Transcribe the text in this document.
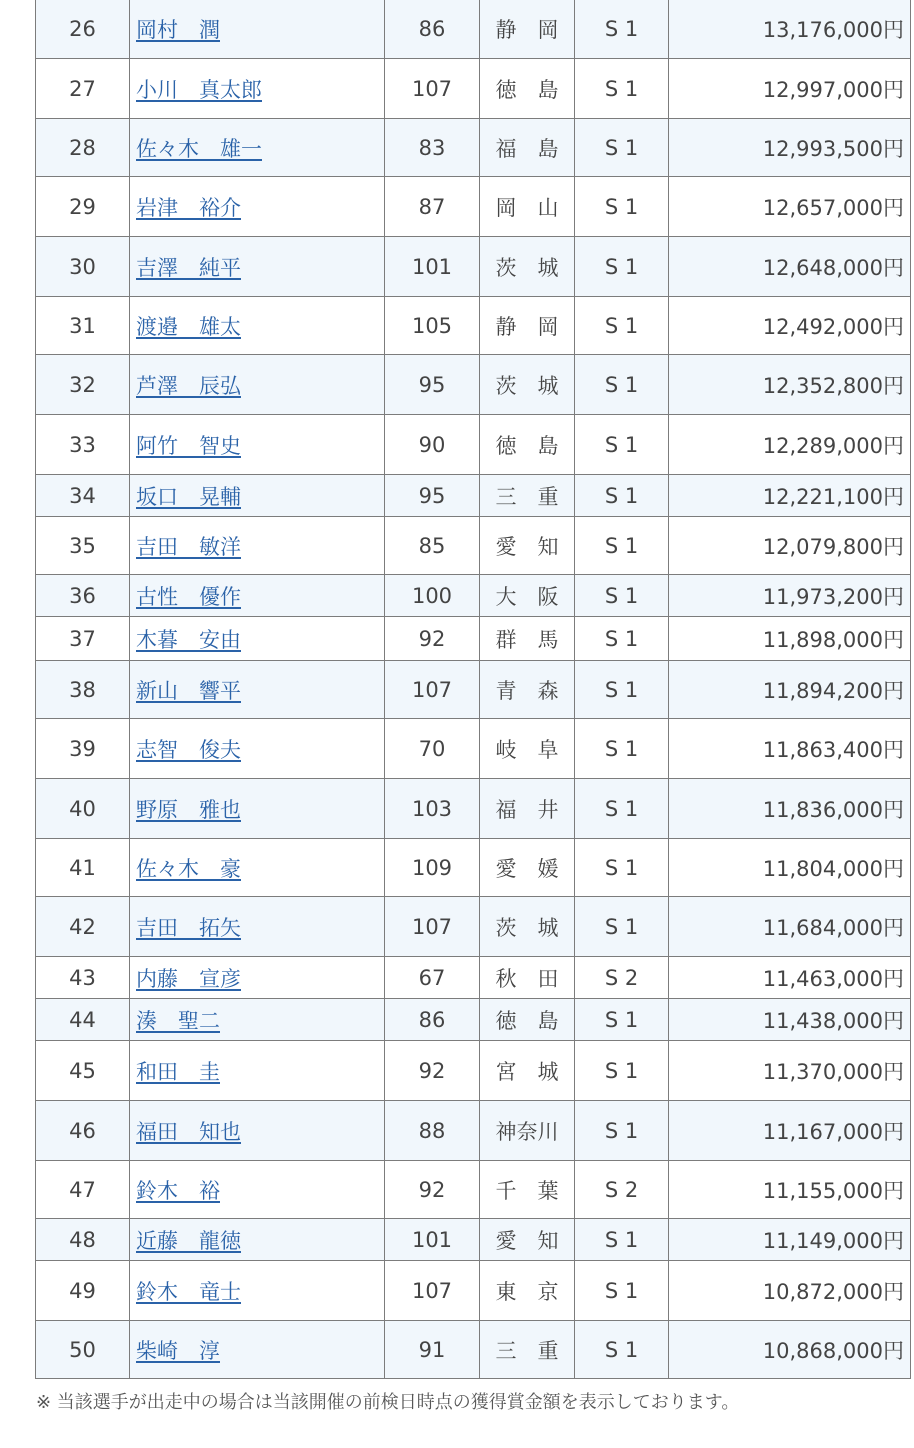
26	岡村　潤	86	静　岡	S 1	13,176,000円
27	小川　真太郎	107	徳　島	S 1	12,997,000円
28	佐々木　雄一	83	福　島	S 1	12,993,500円
29	岩津　裕介	87	岡　山	S 1	12,657,000円
30	吉澤　純平	101	茨　城	S 1	12,648,000円
31	渡邉　雄太	105	静　岡	S 1	12,492,000円
32	芦澤　辰弘	95	茨　城	S 1	12,352,800円
33	阿竹　智史	90	徳　島	S 1	12,289,000円
34	坂口　晃輔	95	三　重	S 1	12,221,100円
35	吉田　敏洋	85	愛　知	S 1	12,079,800円
36	古性　優作	100	大　阪	S 1	11,973,200円
37	木暮　安由	92	群　馬	S 1	11,898,000円
38	新山　響平	107	青　森	S 1	11,894,200円
39	志智　俊夫	70	岐　阜	S 1	11,863,400円
40	野原　雅也	103	福　井	S 1	11,836,000円
41	佐々木　豪	109	愛　媛	S 1	11,804,000円
42	吉田　拓矢	107	茨　城	S 1	11,684,000円
43	内藤　宣彦	67	秋　田	S 2	11,463,000円
44	湊　聖二	86	徳　島	S 1	11,438,000円
45	和田　圭	92	宮　城	S 1	11,370,000円
46	福田　知也	88	神奈川	S 1	11,167,000円
47	鈴木　裕	92	千　葉	S 2	11,155,000円
48	近藤　龍徳	101	愛　知	S 1	11,149,000円
49	鈴木　竜士	107	東　京	S 1	10,872,000円
50	柴崎　淳	91	三　重	S 1	10,868,000円
※ 当該選手が出走中の場合は当該開催の前検日時点の獲得賞金額を表示しております。
